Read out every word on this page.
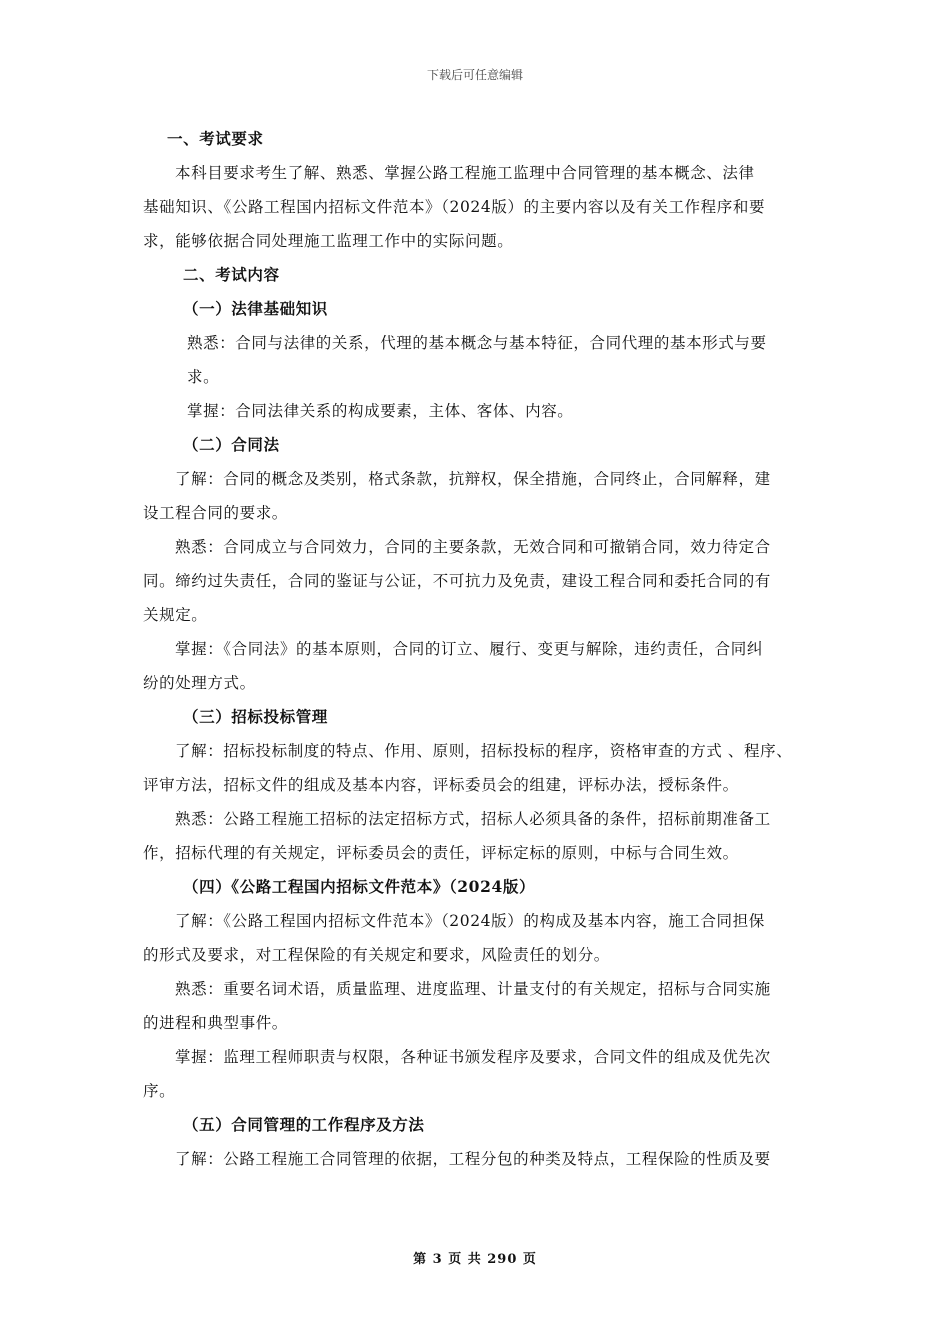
下载后可任意编辑
一、考试要求
本科目要求考生了解、熟悉、掌握公路工程施工监理中合同管理的基本概念、法律
基础知识、《公路工程国内招标文件范本》（2024版）的主要内容以及有关工作程序和要
求，能够依据合同处理施工监理工作中的实际问题。
二、考试内容
（一）法律基础知识
熟悉：合同与法律的关系，代理的基本概念与基本特征，合同代理的基本形式与要
求。
掌握：合同法律关系的构成要素，主体、客体、内容。
（二）合同法
了解：合同的概念及类别，格式条款，抗辩权，保全措施，合同终止，合同解释，建
设工程合同的要求。
熟悉：合同成立与合同效力，合同的主要条款，无效合同和可撤销合同，效力待定合
同。缔约过失责任，合同的鉴证与公证，不可抗力及免责，建设工程合同和委托合同的有
关规定。
掌握：《合同法》的基本原则，合同的订立、履行、变更与解除，违约责任，合同纠
纷的处理方式。
（三）招标投标管理
了解：招标投标制度的特点、作用、原则，招标投标的程序，资格审查的方式 、程序、
评审方法，招标文件的组成及基本内容，评标委员会的组建，评标办法，授标条件。
熟悉：公路工程施工招标的法定招标方式，招标人必须具备的条件，招标前期准备工
作，招标代理的有关规定，评标委员会的责任，评标定标的原则，中标与合同生效。
（四）《公路工程国内招标文件范本》（2024版）
了解：《公路工程国内招标文件范本》（2024版）的构成及基本内容，施工合同担保
的形式及要求，对工程保险的有关规定和要求，风险责任的划分。
熟悉：重要名词术语，质量监理、进度监理、计量支付的有关规定，招标与合同实施
的进程和典型事件。
掌握：监理工程师职责与权限，各种证书颁发程序及要求，合同文件的组成及优先次
序。
（五）合同管理的工作程序及方法
了解：公路工程施工合同管理的依据，工程分包的种类及特点，工程保险的性质及要
第 3 页 共 290 页
